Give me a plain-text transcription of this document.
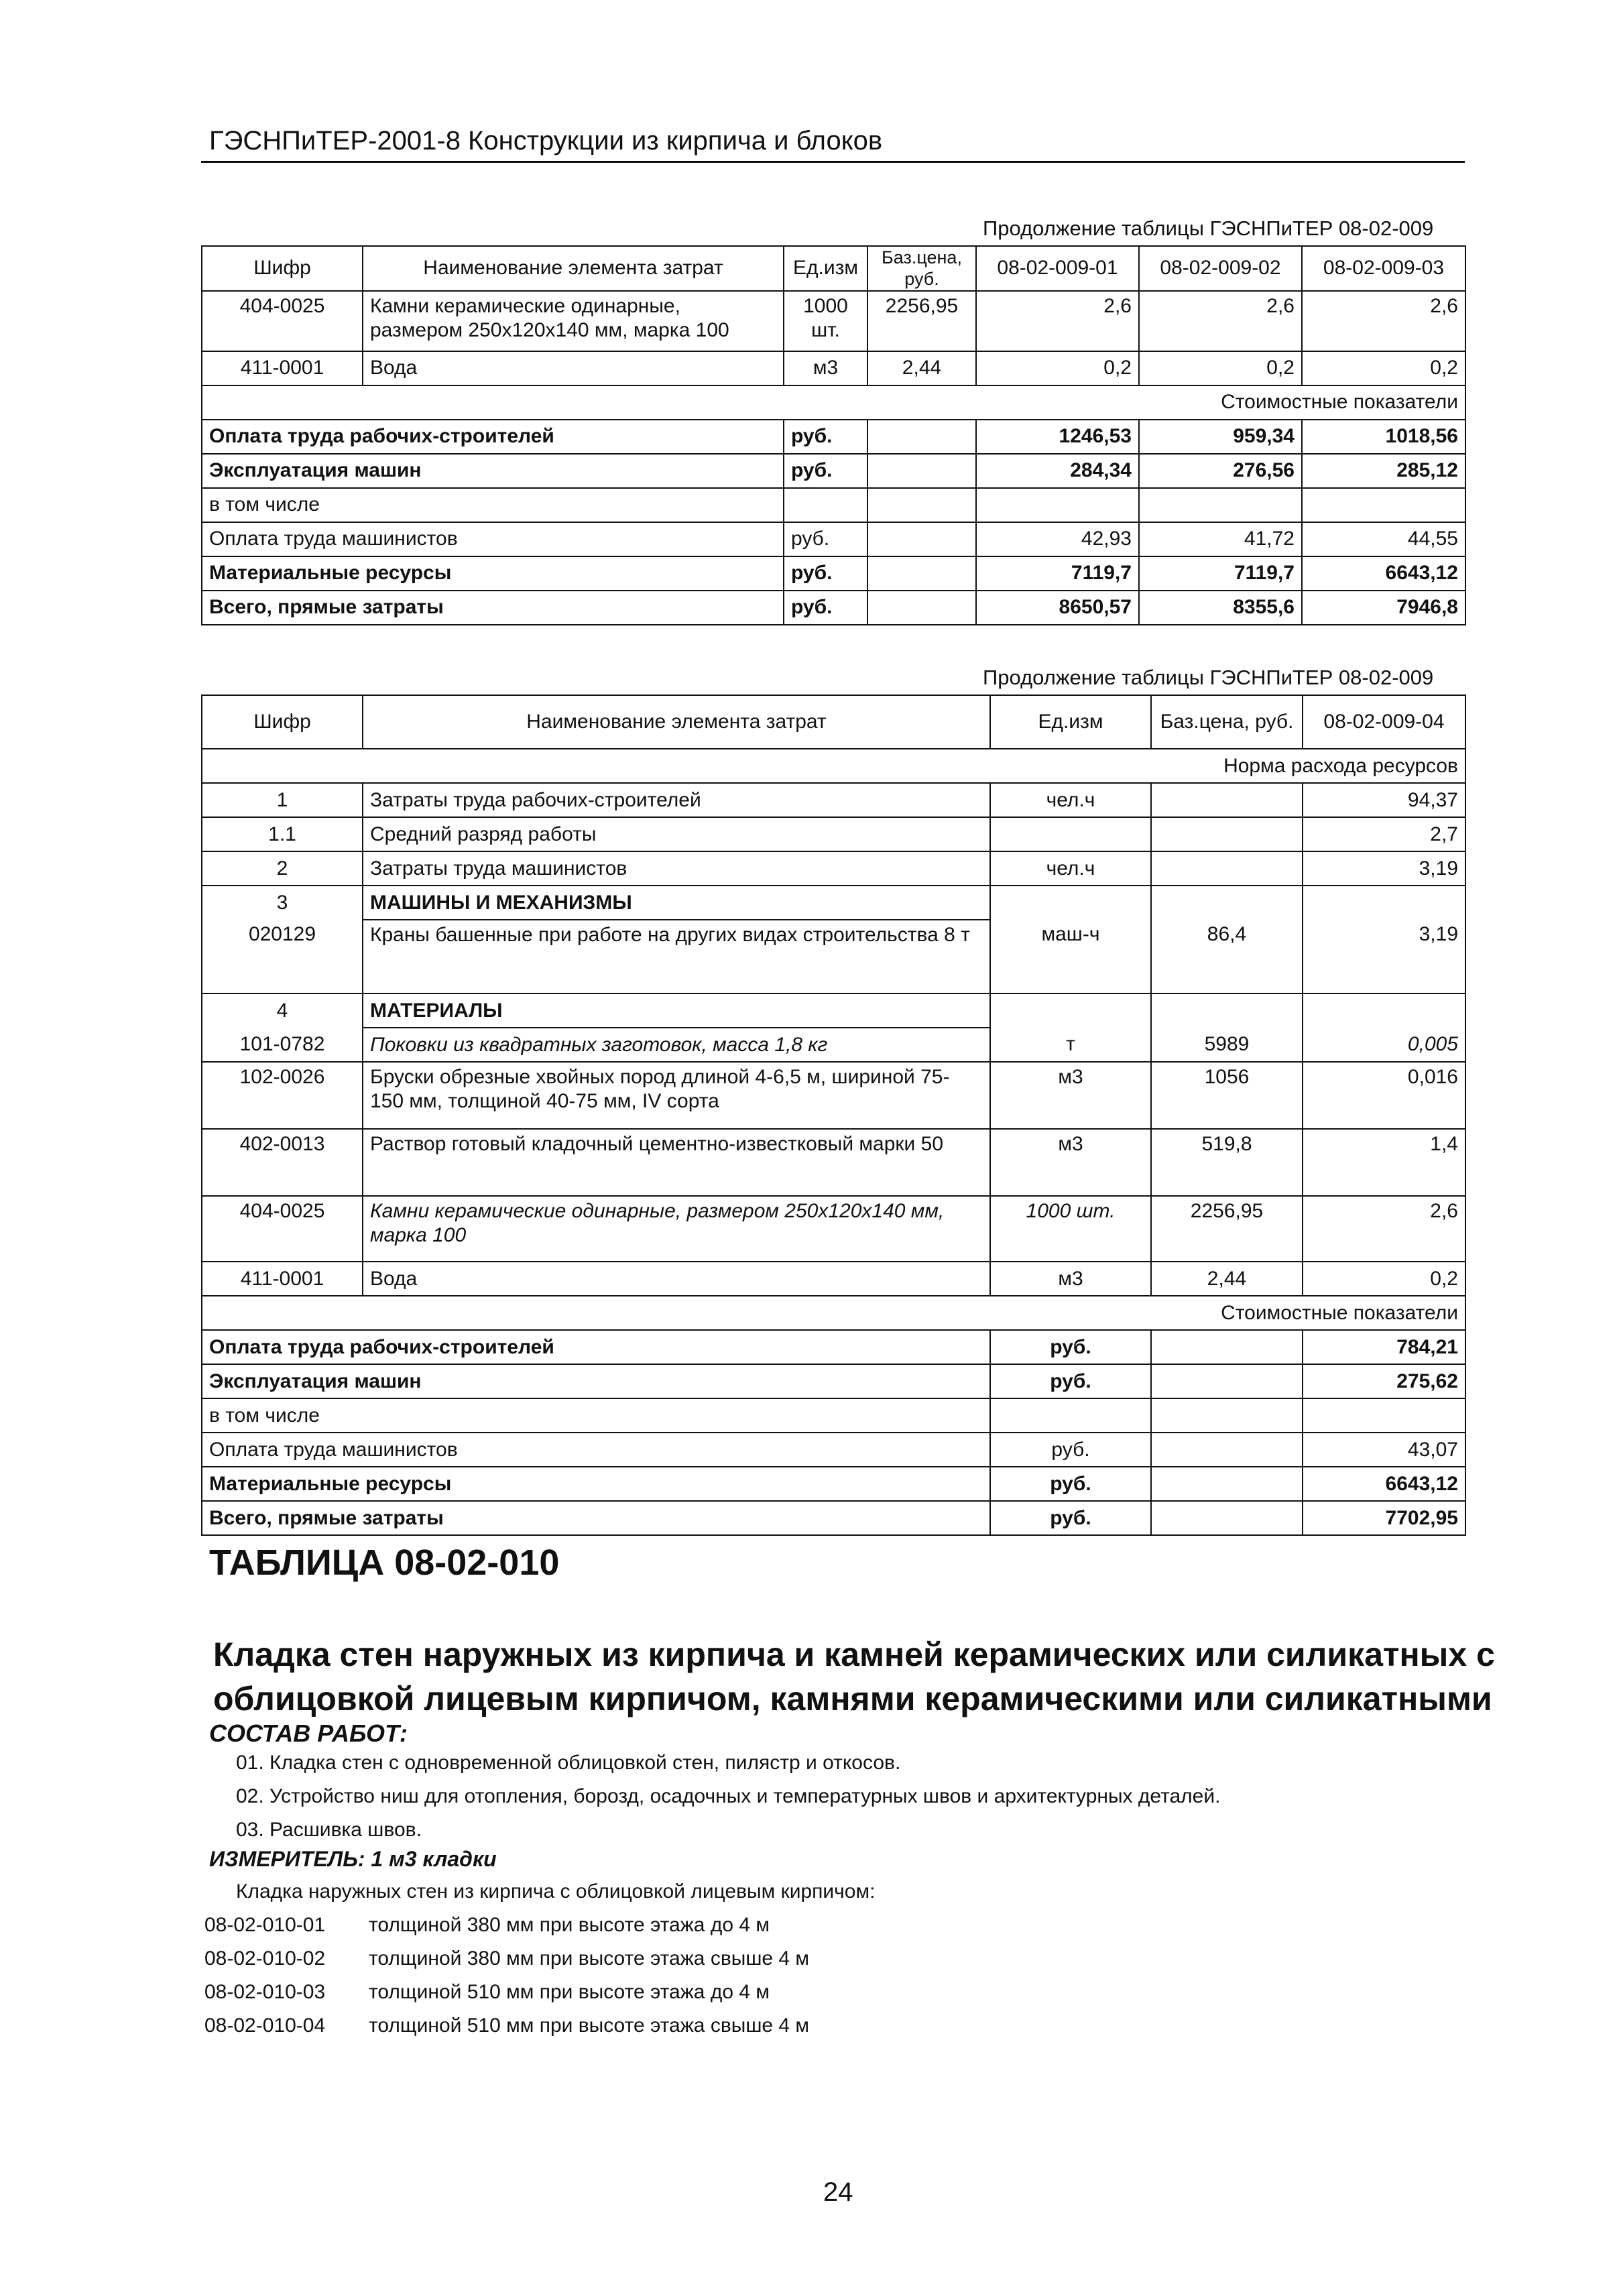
ГЭСНПиТЕР-2001-8 Конструкции из кирпича и блоков
Продолжение таблицы ГЭСНПиТЕР 08-02-009
Шифр	Наименование элемента затрат	Ед.изм	Баз.цена, руб.	08-02-009-01	08-02-009-02	08-02-009-03
404-0025	Камни керамические одинарные, размером 250х120х140 мм, марка 100	1000 шт.	2256,95	2,6	2,6	2,6
411-0001	Вода	м3	2,44	0,2	0,2	0,2
Стоимостные показатели						
Оплата труда рабочих-строителей		руб.		1246,53	959,34	1018,56
Эксплуатация машин		руб.		284,34	276,56	285,12
в том числе						
Оплата труда машинистов		руб.		42,93	41,72	44,55
Материальные ресурсы		руб.		7119,7	7119,7	6643,12
Всего, прямые затраты		руб.		8650,57	8355,6	7946,8
Продолжение таблицы ГЭСНПиТЕР 08-02-009
Шифр	Наименование элемента затрат	Ед.изм	Баз.цена, руб.	08-02-009-04
Норма расхода ресурсов				
1	Затраты труда рабочих-строителей	чел.ч		94,37
1.1	Средний разряд работы			2,7
2	Затраты труда машинистов	чел.ч		3,19
3	МАШИНЫ И МЕХАНИЗМЫ			
020129	Краны башенные при работе на других видах строительства 8 т	маш-ч	86,4	3,19
4	МАТЕРИАЛЫ			
101-0782	Поковки из квадратных заготовок, масса 1,8 кг	т	5989	0,005
102-0026	Бруски обрезные хвойных пород длиной 4-6,5 м, шириной 75-150 мм, толщиной 40-75 мм, IV сорта	м3	1056	0,016
402-0013	Раствор готовый кладочный цементно-известковый марки 50	м3	519,8	1,4
404-0025	Камни керамические одинарные, размером 250х120х140 мм, марка 100	1000 шт.	2256,95	2,6
411-0001	Вода	м3	2,44	0,2
Стоимостные показатели				
Оплата труда рабочих-строителей		руб.		784,21
Эксплуатация машин		руб.		275,62
в том числе				
Оплата труда машинистов		руб.		43,07
Материальные ресурсы		руб.		6643,12
Всего, прямые затраты		руб.		7702,95
ТАБЛИЦА 08-02-010
Кладка стен наружных из кирпича и камней керамических или силикатных с
облицовкой лицевым кирпичом, камнями керамическими или силикатными
СОСТАВ РАБОТ:
01. Кладка стен с одновременной облицовкой стен, пилястр и откосов.
02. Устройство ниш для отопления, борозд, осадочных и температурных швов и архитектурных деталей.
03. Расшивка швов.
ИЗМЕРИТЕЛЬ: 1 м3 кладки
Кладка наружных стен из кирпича с облицовкой лицевым кирпичом:
08-02-010-01 толщиной 380 мм при высоте этажа до 4 м
08-02-010-02 толщиной 380 мм при высоте этажа свыше 4 м
08-02-010-03 толщиной 510 мм при высоте этажа до 4 м
08-02-010-04 толщиной 510 мм при высоте этажа свыше 4 м
24
